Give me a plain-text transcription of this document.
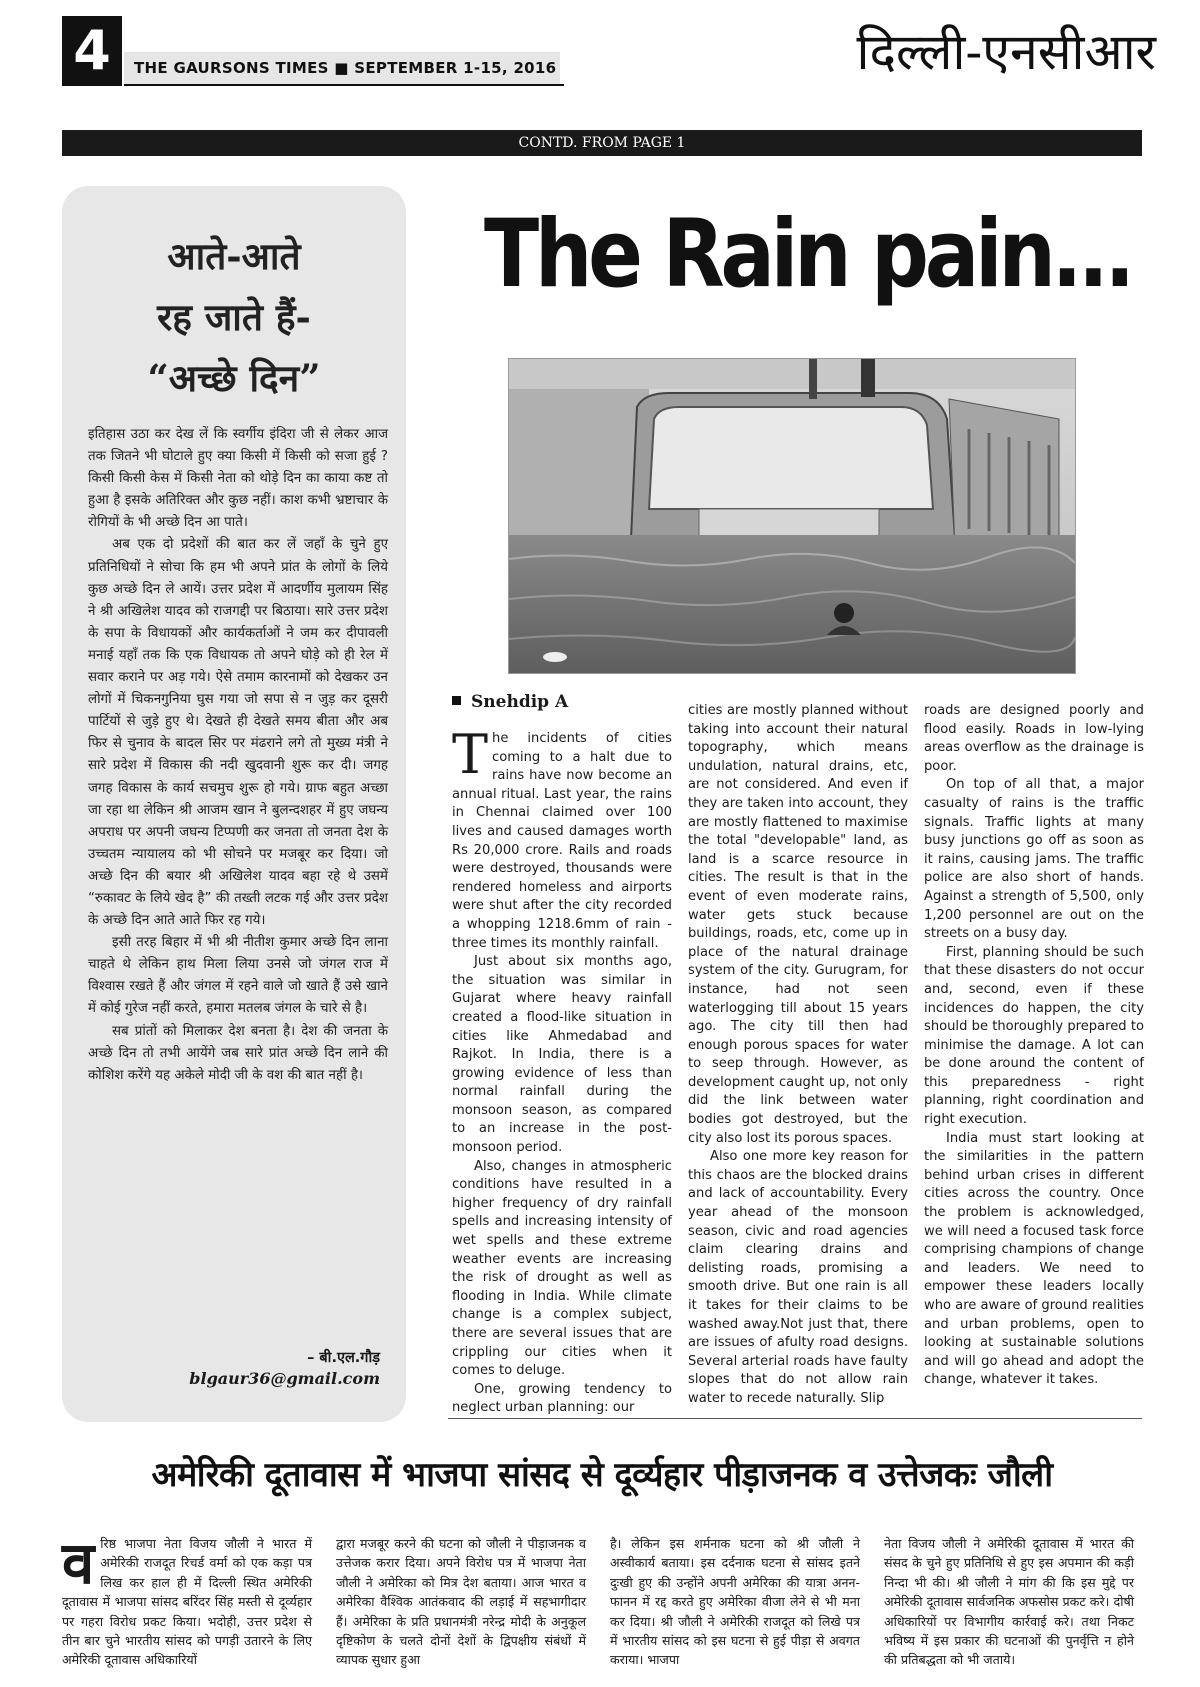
4	THE GAURSONS TIMES ■ SEPTEMBER 1-15, 2016	दिल्ली-एनसीआर
CONTD. FROM PAGE 1
आते-आते
रह जाते हैं-
“अच्छे दिन”

इतिहास उठा कर देख लें कि स्वर्गीय इंदिरा जी से लेकर आज तक जितने भी घोटाले हुए क्या किसी में किसी को सजा हुई ? किसी किसी केस में किसी नेता को थोड़े दिन का काया कष्ट तो हुआ है इसके अतिरिक्त और कुछ नहीं। काश कभी भ्रष्टाचार के रोगियों के भी अच्छे दिन आ पाते।

अब एक दो प्रदेशों की बात कर लें जहाँ के चुने हुए प्रतिनिधियों ने सोचा कि हम भी अपने प्रांत के लोगों के लिये कुछ अच्छे दिन ले आयें। उत्तर प्रदेश में आदर्णीय मुलायम सिंह ने श्री अखिलेश यादव को राजगद्दी पर बिठाया। सारे उत्तर प्रदेश के सपा के विधायकों और कार्यकर्ताओं ने जम कर दीपावली मनाई यहाँ तक कि एक विधायक तो अपने घोड़े को ही रेल में सवार कराने पर अड़ गये। ऐसे तमाम कारनामों को देखकर उन लोगों में चिकनगुनिया घुस गया जो सपा से न जुड़ कर दूसरी पार्टियों से जुड़े हुए थे। देखते ही देखते समय बीता और अब फिर से चुनाव के बादल सिर पर मंढराने लगे तो मुख्य मंत्री ने सारे प्रदेश में विकास की नदी खुदवानी शुरू कर दी। जगह जगह विकास के कार्य सचमुच शुरू हो गये। ग्राफ बहुत अच्छा जा रहा था लेकिन श्री आजम खान ने बुलन्दशहर में हुए जघन्य अपराध पर अपनी जघन्य टिप्पणी कर जनता तो जनता देश के उच्चतम न्यायालय को भी सोचने पर मजबूर कर दिया। जो अच्छे दिन की बयार श्री अखिलेश यादव बहा रहे थे उसमें “रुकावट के लिये खेद है” की तख्ती लटक गई और उत्तर प्रदेश के अच्छे दिन आते आते फिर रह गये।

इसी तरह बिहार में भी श्री नीतीश कुमार अच्छे दिन लाना चाहते थे लेकिन हाथ मिला लिया उनसे जो जंगल राज में विश्वास रखते हैं और जंगल में रहने वाले जो खाते हैं उसे खाने में कोई गुरेज नहीं करते, हमारा मतलब जंगल के चारे से है।

सब प्रांतों को मिलाकर देश बनता है। देश की जनता के अच्छे दिन तो तभी आयेंगे जब सारे प्रांत अच्छे दिन लाने की कोशिश करेंगे यह अकेले मोदी जी के वश की बात नहीं है।

– बी.एल.गौड़
blgaur36@gmail.com
The Rain pain...
Snehdip A

The incidents of cities coming to a halt due to rains have now become an annual ritual. Last year, the rains in Chennai claimed over 100 lives and caused damages worth Rs 20,000 crore. Rails and roads were destroyed, thousands were rendered homeless and airports were shut after the city recorded a whopping 1218.6mm of rain - three times its monthly rainfall.

Just about six months ago, the situation was similar in Gujarat where heavy rainfall created a flood-like situation in cities like Ahmedabad and Rajkot. In India, there is a growing evidence of less than normal rainfall during the monsoon season, as compared to an increase in the post-monsoon period.

Also, changes in atmospheric conditions have resulted in a higher frequency of dry rainfall spells and increasing intensity of wet spells and these extreme weather events are increasing the risk of drought as well as flooding in India. While climate change is a complex subject, there are several issues that are crippling our cities when it comes to deluge.

One, growing tendency to neglect urban planning: our

cities are mostly planned without taking into account their natural topography, which means undulation, natural drains, etc, are not considered. And even if they are taken into account, they are mostly flattened to maximise the total "developable" land, as land is a scarce resource in cities. The result is that in the event of even moderate rains, water gets stuck because buildings, roads, etc, come up in place of the natural drainage system of the city. Gurugram, for instance, had not seen waterlogging till about 15 years ago. The city till then had enough porous spaces for water to seep through. However, as development caught up, not only did the link between water bodies got destroyed, but the city also lost its porous spaces.

Also one more key reason for this chaos are the blocked drains and lack of accountability. Every year ahead of the monsoon season, civic and road agencies claim clearing drains and delisting roads, promising a smooth drive. But one rain is all it takes for their claims to be washed away.Not just that, there are issues of afulty road designs. Several arterial roads have faulty slopes that do not allow rain water to recede naturally. Slip

roads are designed poorly and flood easily. Roads in low-lying areas overflow as the drainage is poor.

On top of all that, a major casualty of rains is the traffic signals. Traffic lights at many busy junctions go off as soon as it rains, causing jams. The traffic police are also short of hands. Against a strength of 5,500, only 1,200 personnel are out on the streets on a busy day.

First, planning should be such that these disasters do not occur and, second, even if these incidences do happen, the city should be thoroughly prepared to minimise the damage. A lot can be done around the content of this preparedness - right planning, right coordination and right execution.

India must start looking at the similarities in the pattern behind urban crises in different cities across the country. Once the problem is acknowledged, we will need a focused task force comprising champions of change and leaders. We need to empower these leaders locally who are aware of ground realities and urban problems, open to looking at sustainable solutions and will go ahead and adopt the change, whatever it takes.

अमेरिकी दूतावास में भाजपा सांसद से दूर्व्यहार पीड़ाजनक व उत्तेजकः जौली

वरिष्ठ भाजपा नेता विजय जौली ने भारत में अमेरिकी राजदूत रिचर्ड वर्मा को एक कड़ा पत्र लिख कर हाल ही में दिल्ली स्थित अमेरिकी दूतावास में भाजपा सांसद बरिंदर सिंह मस्ती से दूर्व्यहार पर गहरा विरोध प्रकट किया। भदोही, उत्तर प्रदेश से तीन बार चुने भारतीय सांसद को पगड़ी उतारने के लिए अमेरिकी दूतावास अधिकारियों

द्वारा मजबूर करने की घटना को जौली ने पीड़ाजनक व उत्तेजक करार दिया। अपने विरोध पत्र में भाजपा नेता जौली ने अमेरिका को मित्र देश बताया। आज भारत व अमेरिका वैश्विक आतंकवाद की लड़ाई में सहभागीदार हैं। अमेरिका के प्रति प्रधानमंत्री नरेन्द्र मोदी के अनुकूल दृष्टिकोण के चलते दोनों देशों के द्विपक्षीय संबंधों में व्यापक सुधार हुआ

है। लेकिन इस शर्मनाक घटना को श्री जौली ने अस्वीकार्य बताया। इस दर्दनाक घटना से सांसद इतने दुःखी हुए की उन्होंने अपनी अमेरिका की यात्रा अनन-फानन में रद्द करते हुए अमेरिका वीजा लेने से भी मना कर दिया। श्री जौली ने अमेरिकी राजदूत को लिखे पत्र में भारतीय सांसद को इस घटना से हुई पीड़ा से अवगत कराया। भाजपा

नेता विजय जौली ने अमेरिकी दूतावास में भारत की संसद के चुने हुए प्रतिनिधि से हुए इस अपमान की कड़ी निन्दा भी की। श्री जौली ने मांग की कि इस मुद्दे पर अमेरिकी दूतावास सार्वजनिक अफसोस प्रकट करे। दोषी अधिकारियों पर विभागीय कार्रवाई करे। तथा निकट भविष्य में इस प्रकार की घटनाओं की पुनर्वृत्ति न होने की प्रतिबद्धता को भी जताये।
